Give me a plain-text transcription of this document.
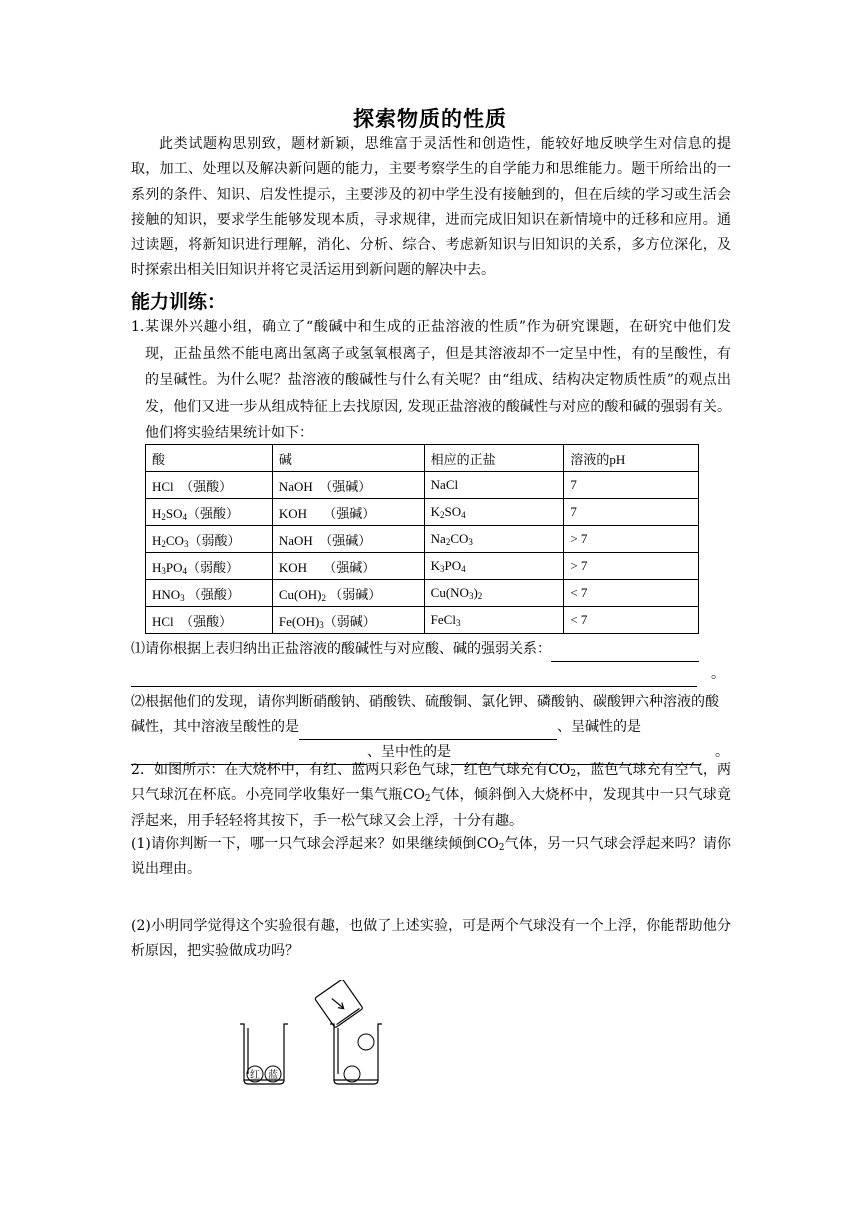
探索物质的性质
此类试题构思别致，题材新颖，思维富于灵活性和创造性，能较好地反映学生对信息的提取，加工、处理以及解决新问题的能力，主要考察学生的自学能力和思维能力。题干所给出的一系列的条件、知识、启发性提示，主要涉及的初中学生没有接触到的，但在后续的学习或生活会接触的知识，要求学生能够发现本质，寻求规律，进而完成旧知识在新情境中的迁移和应用。通过读题，将新知识进行理解，消化、分析、综合、考虑新知识与旧知识的关系，多方位深化，及时探索出相关旧知识并将它灵活运用到新问题的解决中去。
能力训练：
1.某课外兴趣小组，确立了“酸碱中和生成的正盐溶液的性质”作为研究课题，在研究中他们发现，正盐虽然不能电离出氢离子或氢氧根离子，但是其溶液却不一定呈中性，有的呈酸性，有的呈碱性。为什么呢？盐溶液的酸碱性与什么有关呢？由“组成、结构决定物质性质”的观点出发，他们又进一步从组成特征上去找原因, 发现正盐溶液的酸碱性与对应的酸和碱的强弱有关。他们将实验结果统计如下：
酸	碱	相应的正盐	溶液的pH
HCl　（强酸）	NaOH　（强碱）	NaCl	7
$H_2SO_4$（强酸）	KOH　 （强碱）	$K_2SO_4$	7
$H_2CO_3$（弱酸）	NaOH　（强碱）	$Na_2CO_3$	> 7
$H_3PO_4$（弱酸）	KOH　 （强碱）	$K_3PO_4$	> 7
$HNO_3$ （强酸）	$Cu(OH)_2$ （弱碱）	$Cu(NO_3)_2$	< 7
HCl　（强酸）	$Fe(OH)_3$（弱碱）	FeCl$_3$	< 7
⑴请你根据上表归纳出正盐溶液的酸碱性与对应酸、碱的强弱关系：
。
⑵根据他们的发现，请你判断硝酸钠、硝酸铁、硫酸铜、氯化钾、磷酸钠、碳酸钾六种溶液的酸碱性，其中溶液呈酸性的是	、呈碱性的是
、呈中性的是	。
2．如图所示：在大烧杯中，有红、蓝两只彩色气球，红色气球充有$CO_2$，蓝色气球充有空气，两只气球沉在杯底。小亮同学收集好一集气瓶$CO_2$气体，倾斜倒入大烧杯中，发现其中一只气球竟浮起来，用手轻轻将其按下，手一松气球又会上浮，十分有趣。
(1)请你判断一下，哪一只气球会浮起来？如果继续倾倒$CO_2$气体，另一只气球会浮起来吗？请你说出理由。
(2)小明同学觉得这个实验很有趣，也做了上述实验，可是两个气球没有一个上浮，你能帮助他分析原因，把实验做成功吗？
红 蓝
